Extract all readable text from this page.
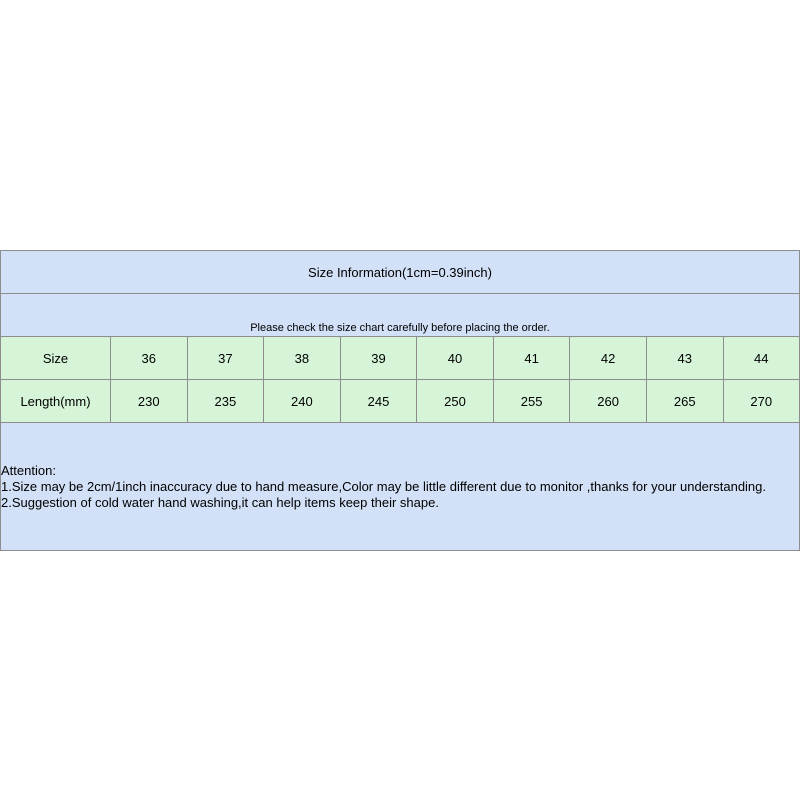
Size Information(1cm=0.39inch)
Please check the size chart carefully before placing the order.
Size	36	37	38	39	40	41	42	43	44
Length(mm)	230	235	240	245	250	255	260	265	270
Attention:
1.Size may be 2cm/1inch inaccuracy due to hand measure,Color may be little different due to monitor ,thanks for your understanding.
2.Suggestion of cold water hand washing,it can help items keep their shape.
